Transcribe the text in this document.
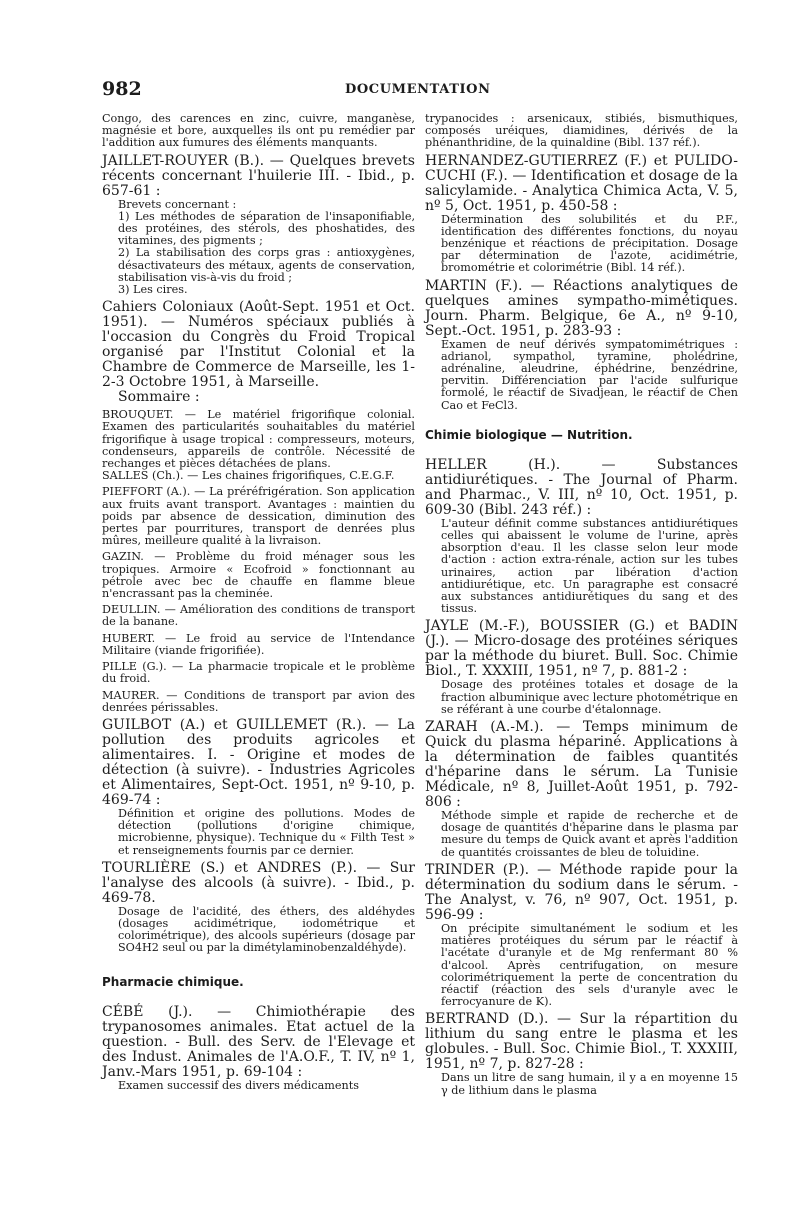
982	DOCUMENTATION

Congo, des carences en zinc, cuivre, manganèse, magnésie et bore, auxquelles ils ont pu remédier par l'addition aux fumures des éléments manquants.

JAILLET-ROUYER (B.). — Quelques brevets récents concernant l'huilerie III. - Ibid., p. 657-61 :

Brevets concernant :

1) Les méthodes de séparation de l'insaponifiable, des protéines, des stérols, des phoshatides, des vitamines, des pigments ;

2) La stabilisation des corps gras : antioxygènes, désactivateurs des métaux, agents de conservation, stabilisation vis-à-vis du froid ;

3) Les cires.

Cahiers Coloniaux (Août-Sept. 1951 et Oct. 1951). — Numéros spéciaux publiés à l'occasion du Congrès du Froid Tropical organisé par l'Institut Colonial et la Chambre de Commerce de Marseille, les 1-2-3 Octobre 1951, à Marseille.

Sommaire :

BROUQUET. — Le matériel frigorifique colonial. Examen des particularités souhaitables du matériel frigorifique à usage tropical : compresseurs, moteurs, condenseurs, appareils de contrôle. Nécessité de rechanges et pièces détachées de plans.

SALLES (Ch.). — Les chaines frigorifiques, C.E.G.F.

PIEFFORT (A.). — La préréfrigération. Son application aux fruits avant transport. Avantages : maintien du poids par absence de dessication, diminution des pertes par pourritures, transport de denrées plus mûres, meilleure qualité à la livraison.

GAZIN. — Problème du froid ménager sous les tropiques. Armoire « Ecofroid » fonctionnant au pétrole avec bec de chauffe en flamme bleue n'encrassant pas la cheminée.

DEULLIN. — Amélioration des conditions de transport de la banane.

HUBERT. — Le froid au service de l'Intendance Militaire (viande frigorifiée).

PILLE (G.). — La pharmacie tropicale et le problème du froid.

MAURER. — Conditions de transport par avion des denrées périssables.

GUILBOT (A.) et GUILLEMET (R.). — La pollution des produits agricoles et alimentaires. I. - Origine et modes de détection (à suivre). - Industries Agricoles et Alimentaires, Sept-Oct. 1951, nº 9-10, p. 469-74 :

Définition et origine des pollutions. Modes de détection (pollutions d'origine chimique, microbienne, physique). Technique du « Filth Test » et renseignements fournis par ce dernier.

TOURLIÈRE (S.) et ANDRES (P.). — Sur l'analyse des alcools (à suivre). - Ibid., p. 469-78.

Dosage de l'acidité, des éthers, des aldéhydes (dosages acidimétrique, iodométrique et colorimétrique), des alcools supérieurs (dosage par SO4H2 seul ou par la dimétylaminobenzaldéhyde).

Pharmacie chimique.

CÉBÉ (J.). — Chimiothérapie des trypanosomes animales. Etat actuel de la question. - Bull. des Serv. de l'Elevage et des Indust. Animales de l'A.O.F., T. IV, nº 1, Janv.-Mars 1951, p. 69-104 :

Examen successif des divers médicaments

trypanocides : arsenicaux, stibiés, bismuthiques, composés uréiques, diamidines, dérivés de la phénanthridine, de la quinaldine (Bibl. 137 réf.).

HERNANDEZ-GUTIERREZ (F.) et PULIDO-CUCHI (F.). — Identification et dosage de la salicylamide. - Analytica Chimica Acta, V. 5, nº 5, Oct. 1951, p. 450-58 :

Détermination des solubilités et du P.F., identification des différentes fonctions, du noyau benzénique et réactions de précipitation. Dosage par détermination de l'azote, acidimétrie, bromométrie et colorimétrie (Bibl. 14 réf.).

MARTIN (F.). — Réactions analytiques de quelques amines sympatho-mimétiques. Journ. Pharm. Belgique, 6e A., nº 9-10, Sept.-Oct. 1951, p. 283-93 :

Examen de neuf dérivés sympatomimétriques : adrianol, sympathol, tyramine, pholédrine, adrénaline, aleudrine, éphédrine, benzédrine, pervitin. Différenciation par l'acide sulfurique formolé, le réactif de Sivadjean, le réactif de Chen Cao et FeCl3.

Chimie biologique — Nutrition.

HELLER (H.). — Substances antidiurétiques. - The Journal of Pharm. and Pharmac., V. III, nº 10, Oct. 1951, p. 609-30 (Bibl. 243 réf.) :

L'auteur définit comme substances antidiurétiques celles qui abaissent le volume de l'urine, après absorption d'eau. Il les classe selon leur mode d'action : action extra-rénale, action sur les tubes urinaires, action par libération d'action antidiurétique, etc. Un paragraphe est consacré aux substances antidiurétiques du sang et des tissus.

JAYLE (M.-F.), BOUSSIER (G.) et BADIN (J.). — Micro-dosage des protéines sériques par la méthode du biuret. Bull. Soc. Chimie Biol., T. XXXIII, 1951, nº 7, p. 881-2 :

Dosage des protéines totales et dosage de la fraction albuminique avec lecture photométrique en se référant à une courbe d'étalonnage.

ZARAH (A.-M.). — Temps minimum de Quick du plasma hépariné. Applications à la détermination de faibles quantités d'héparine dans le sérum. La Tunisie Médicale, nº 8, Juillet-Août 1951, p. 792-806 :

Méthode simple et rapide de recherche et de dosage de quantités d'héparine dans le plasma par mesure du temps de Quick avant et après l'addition de quantités croissantes de bleu de toluidine.

TRINDER (P.). — Méthode rapide pour la détermination du sodium dans le sérum. - The Analyst, v. 76, nº 907, Oct. 1951, p. 596-99 :

On précipite simultanément le sodium et les matières protéiques du sérum par le réactif à l'acétate d'uranyle et de Mg renfermant 80 % d'alcool. Après centrifugation, on mesure colorimétriquement la perte de concentration du réactif (réaction des sels d'uranyle avec le ferrocyanure de K).

BERTRAND (D.). — Sur la répartition du lithium du sang entre le plasma et les globules. - Bull. Soc. Chimie Biol., T. XXXIII, 1951, nº 7, p. 827-28 :

Dans un litre de sang humain, il y a en moyenne 15 γ de lithium dans le plasma
